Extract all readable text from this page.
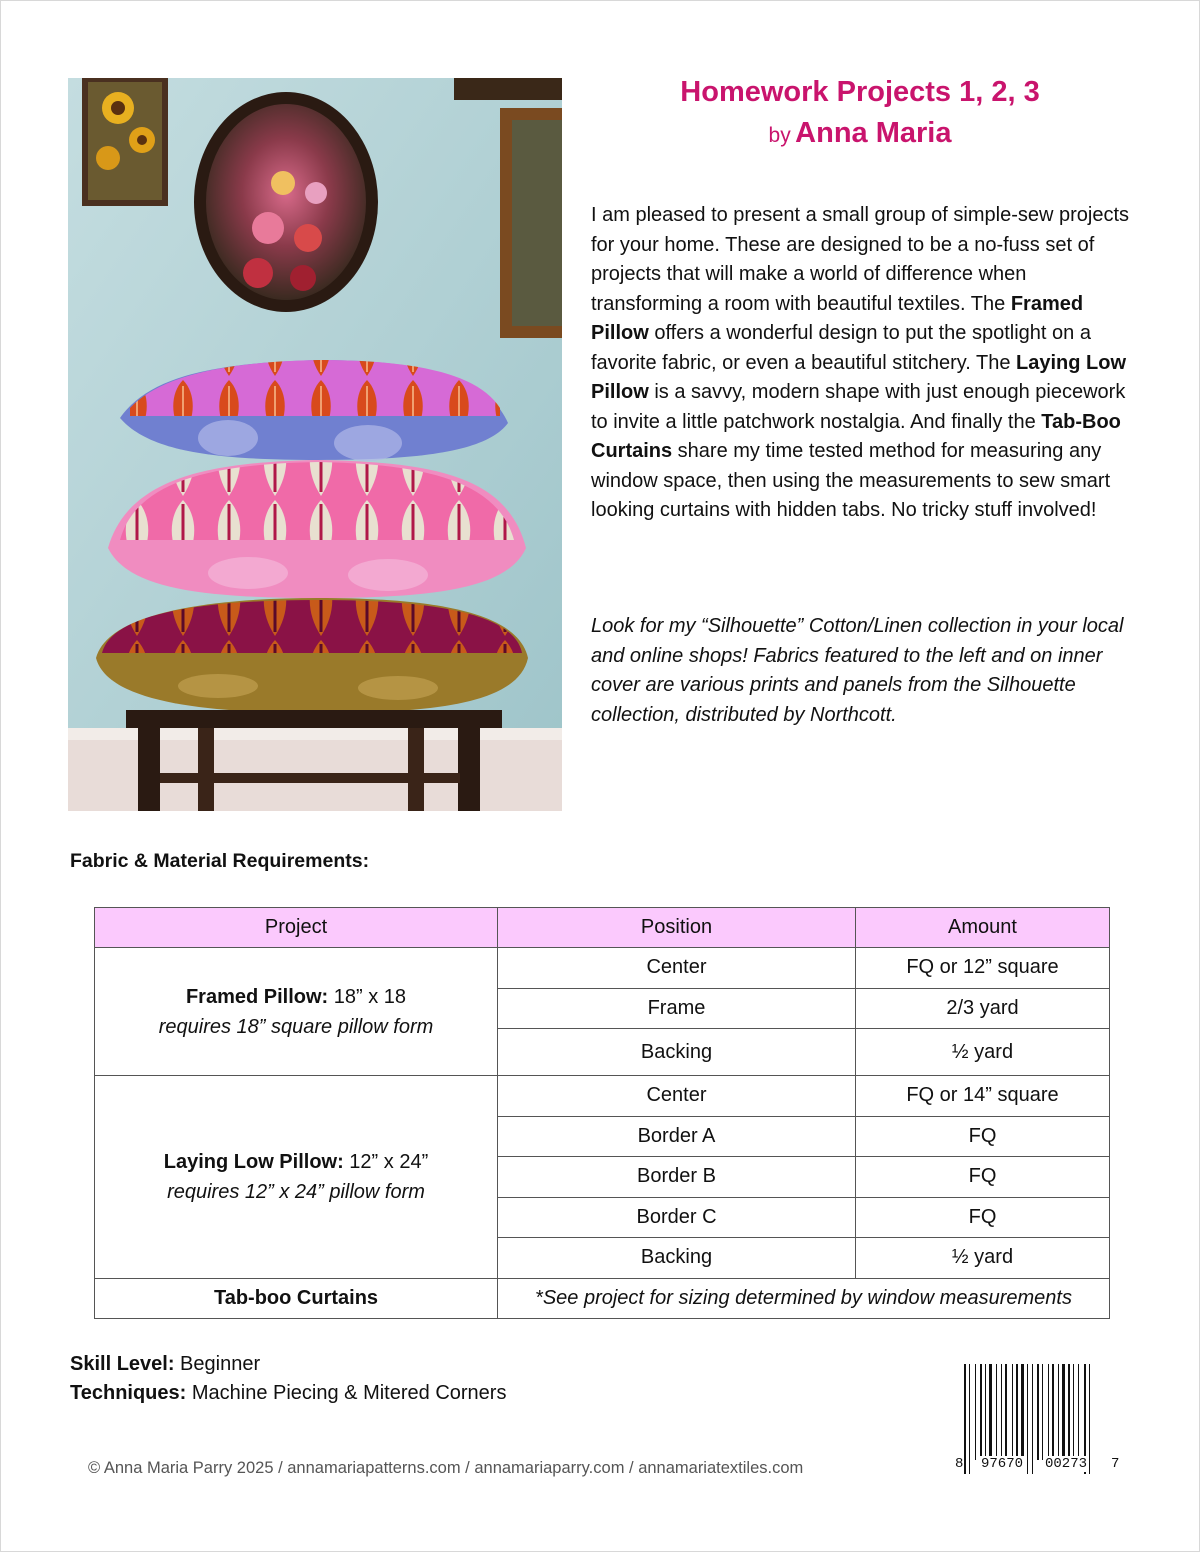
Homework Projects 1, 2, 3

by Anna Maria

I am pleased to present a small group of simple-sew projects for your home. These are designed to be a no-fuss set of projects that will make a world of difference when transforming a room with beautiful textiles. The Framed Pillow offers a wonderful design to put the spotlight on a favorite fabric, or even a beautiful stitchery. The Laying Low Pillow is a savvy, modern shape with just enough piecework to invite a little patchwork nostalgia. And finally the Tab-Boo Curtains share my time tested method for measuring any window space, then using the measurements to sew smart looking curtains with hidden tabs. No tricky stuff involved!

Look for my “Silhouette” Cotton/Linen collection in your local and online shops! Fabrics featured to the left and on inner cover are various prints and panels from the Silhouette collection, distributed by Northcott.

Fabric & Material Requirements:

Project	Position	Amount
Framed Pillow: 18” x 18
requires 18” square pillow form	Center	FQ or 12” square
	Frame	2/3 yard
	Backing	½ yard
Laying Low Pillow: 12” x 24”
requires 12” x 24” pillow form	Center	FQ or 14” square
	Border A	FQ
	Border B	FQ
	Border C	FQ
	Backing	½ yard
Tab-boo Curtains	*See project for sizing determined by window measurements	
Skill Level: Beginner
Techniques: Machine Piecing & Mitered Corners
© Anna Maria Parry 2025 / annamariapatterns.com / annamariaparry.com / annamariatextiles.com	8 97670 00273 7
